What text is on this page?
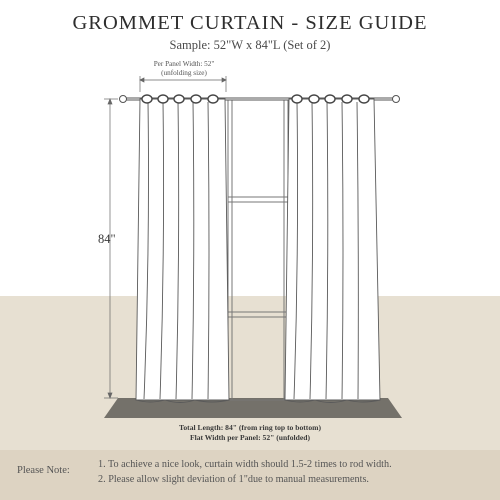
GROMMET CURTAIN - SIZE GUIDE
Sample: 52"W x 84"L (Set of 2)
Per Panel Width: 52"
(unfolding size)
84"
Total Length: 84" (from ring top to bottom)
Flat Width per Panel: 52" (unfolded)
Please Note:
1. To achieve a nice look, curtain width should 1.5-2 times to rod width.
2. Please allow slight deviation of 1"due to manual measurements.
